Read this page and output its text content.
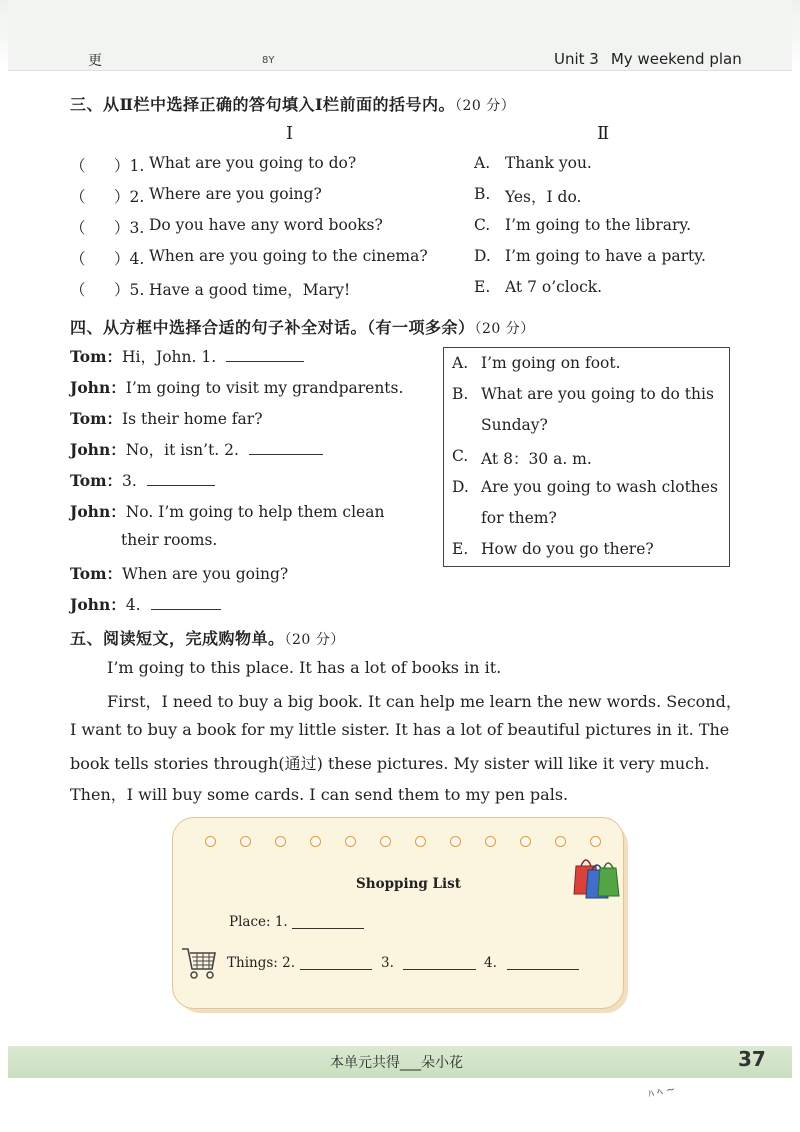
更	8Y	Unit 3 My weekend plan
三、从Ⅱ栏中选择正确的答句填入Ⅰ栏前面的括号内。（20 分）
Ⅰ	Ⅱ
（ ）1. What are you going to do?
（ ）2. Where are you going?
（ ）3. Do you have any word books?
（ ）4. When are you going to the cinema?
（ ）5. Have a good time，Mary!
A. Thank you.
B. Yes，I do.
C. I’m going to the library.
D. I’m going to have a party.
E. At 7 o’clock.
四、从方框中选择合适的句子补全对话。（有一项多余）（20 分）
Tom：Hi，John. 1.
John：I’m going to visit my grandparents.
Tom：Is their home far?
John：No，it isn’t. 2.
Tom：3.
John：No. I’m going to help them clean
their rooms.
Tom：When are you going?
John：4.
A. I’m going on foot.
B. What are you going to do this
Sunday?
C. At 8：30 a. m.
D. Are you going to wash clothes
for them?
E. How do you go there?
五、阅读短文，完成购物单。（20 分）
I’m going to this place. It has a lot of books in it.
First，I need to buy a big book. It can help me learn the new words. Second，
I want to buy a book for my little sister. It has a lot of beautiful pictures in it. The
book tells stories through(通过) these pictures. My sister will like it very much.
Then，I will buy some cards. I can send them to my pen pals.
Shopping List
Place: 1.
Things: 2.	3.	4.
本单元共得___朵小花	37
ﾊ ﾍ ~
